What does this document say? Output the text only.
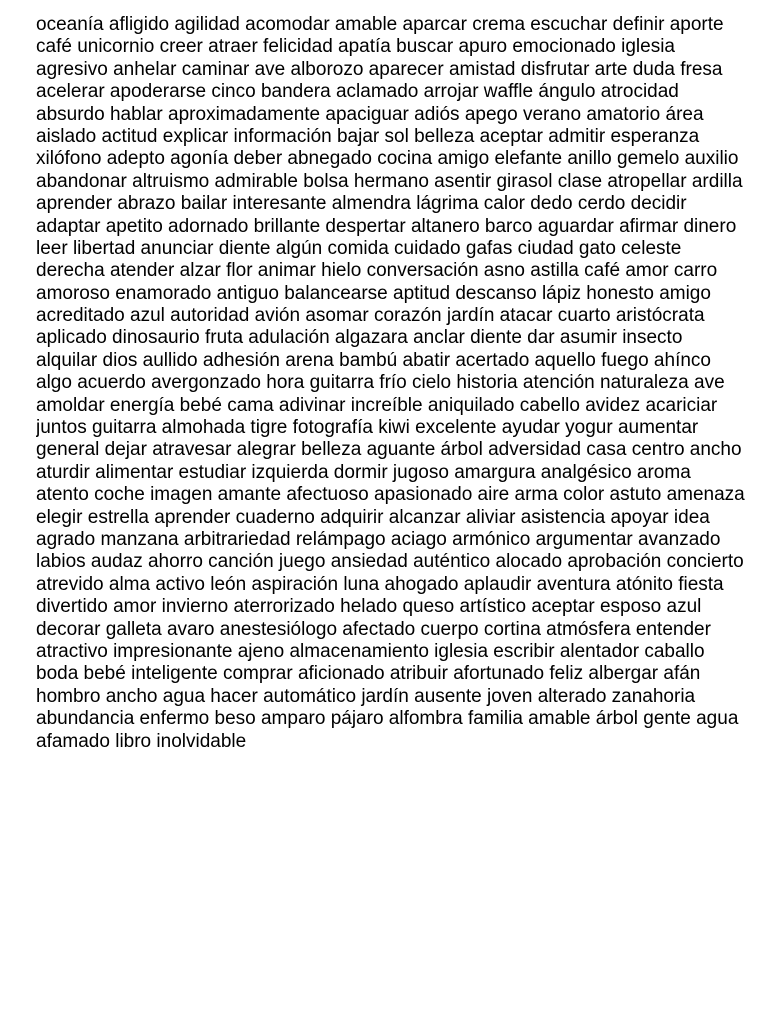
oceanía afligido agilidad acomodar amable aparcar crema escuchar definir aporte
café unicornio creer atraer felicidad apatía buscar apuro emocionado iglesia
agresivo anhelar caminar ave alborozo aparecer amistad disfrutar arte duda fresa
acelerar apoderarse cinco bandera aclamado arrojar waffle ángulo atrocidad
absurdo hablar aproximadamente apaciguar adiós apego verano amatorio área
aislado actitud explicar información bajar sol belleza aceptar admitir esperanza
xilófono adepto agonía deber abnegado cocina amigo elefante anillo gemelo auxilio
abandonar altruismo admirable bolsa hermano asentir girasol clase atropellar ardilla
aprender abrazo bailar interesante almendra lágrima calor dedo cerdo decidir
adaptar apetito adornado brillante despertar altanero barco aguardar afirmar dinero
leer libertad anunciar diente algún comida cuidado gafas ciudad gato celeste
derecha atender alzar flor animar hielo conversación asno astilla café amor carro
amoroso enamorado antiguo balancearse aptitud descanso lápiz honesto amigo
acreditado azul autoridad avión asomar corazón jardín atacar cuarto aristócrata
aplicado dinosaurio fruta adulación algazara anclar diente dar asumir insecto
alquilar dios aullido adhesión arena bambú abatir acertado aquello fuego ahínco
algo acuerdo avergonzado hora guitarra frío cielo historia atención naturaleza ave
amoldar energía bebé cama adivinar increíble aniquilado cabello avidez acariciar
juntos guitarra almohada tigre fotografía kiwi excelente ayudar yogur aumentar
general dejar atravesar alegrar belleza aguante árbol adversidad casa centro ancho
aturdir alimentar estudiar izquierda dormir jugoso amargura analgésico aroma
atento coche imagen amante afectuoso apasionado aire arma color astuto amenaza
elegir estrella aprender cuaderno adquirir alcanzar aliviar asistencia apoyar idea
agrado manzana arbitrariedad relámpago aciago armónico argumentar avanzado
labios audaz ahorro canción juego ansiedad auténtico alocado aprobación concierto
atrevido alma activo león aspiración luna ahogado aplaudir aventura atónito fiesta
divertido amor invierno aterrorizado helado queso artístico aceptar esposo azul
decorar galleta avaro anestesiólogo afectado cuerpo cortina atmósfera entender
atractivo impresionante ajeno almacenamiento iglesia escribir alentador caballo
boda bebé inteligente comprar aficionado atribuir afortunado feliz albergar afán
hombro ancho agua hacer automático jardín ausente joven alterado zanahoria
abundancia enfermo beso amparo pájaro alfombra familia amable árbol gente agua
afamado libro inolvidable
